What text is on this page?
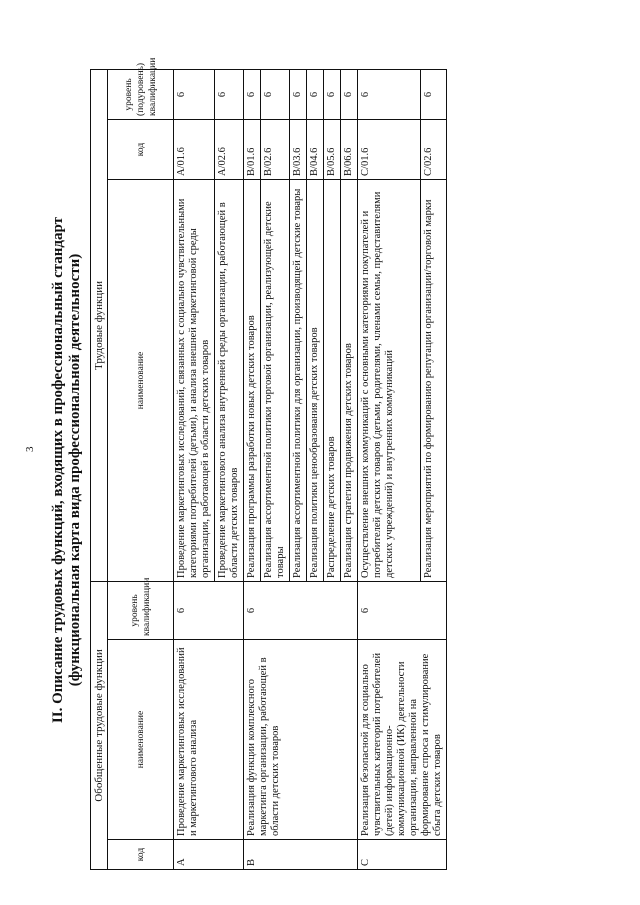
3 II. Описание трудовых функций, входящих в профессиональный стандарт (функциональная карта вида профессиональной деятельности)
Обобщенные трудовые функции			Трудовые функции		
код	наименование	уровень квалификации	наименование	код	уровень (подуровень) квалификации
A	Проведение маркетинговых исследований и маркетингового анализа	6	Проведение маркетинговых исследований, связанных с социально чувствительными категориями потребителей (детьми), и анализа внешней маркетинговой среды организации, работающей в области детских товаров	A/01.6	6
			Проведение маркетингового анализа внутренней среды организации, работающей в области детских товаров	A/02.6	6
B	Реализация функции комплексного маркетинга организации, работающей в области детских товаров	6	Реализация программы разработки новых детских товаров	B/01.6	6
			Реализация ассортиментной политики торговой организации, реализующей детские товары	B/02.6	6
			Реализация ассортиментной политики для организации, производящей детские товары	B/03.6	6
			Реализация политики ценообразования детских товаров	B/04.6	6
			Распределение детских товаров	B/05.6	6
			Реализация стратегии продвижения детских товаров	B/06.6	6
C	Реализация безопасной для социально чувствительных категорий потребителей (детей) информационно-коммуникационной (ИК) деятельности организации, направленной на формирование спроса и стимулирование сбыта детских товаров	6	Осуществление внешних коммуникаций с основными категориями покупателей и потребителей детских товаров (детьми, родителями, членами семьи, представителями детских учреждений) и внутренних коммуникаций	C/01.6	6
			Реализация мероприятий по формированию репутации организации/торговой марки	C/02.6	6
